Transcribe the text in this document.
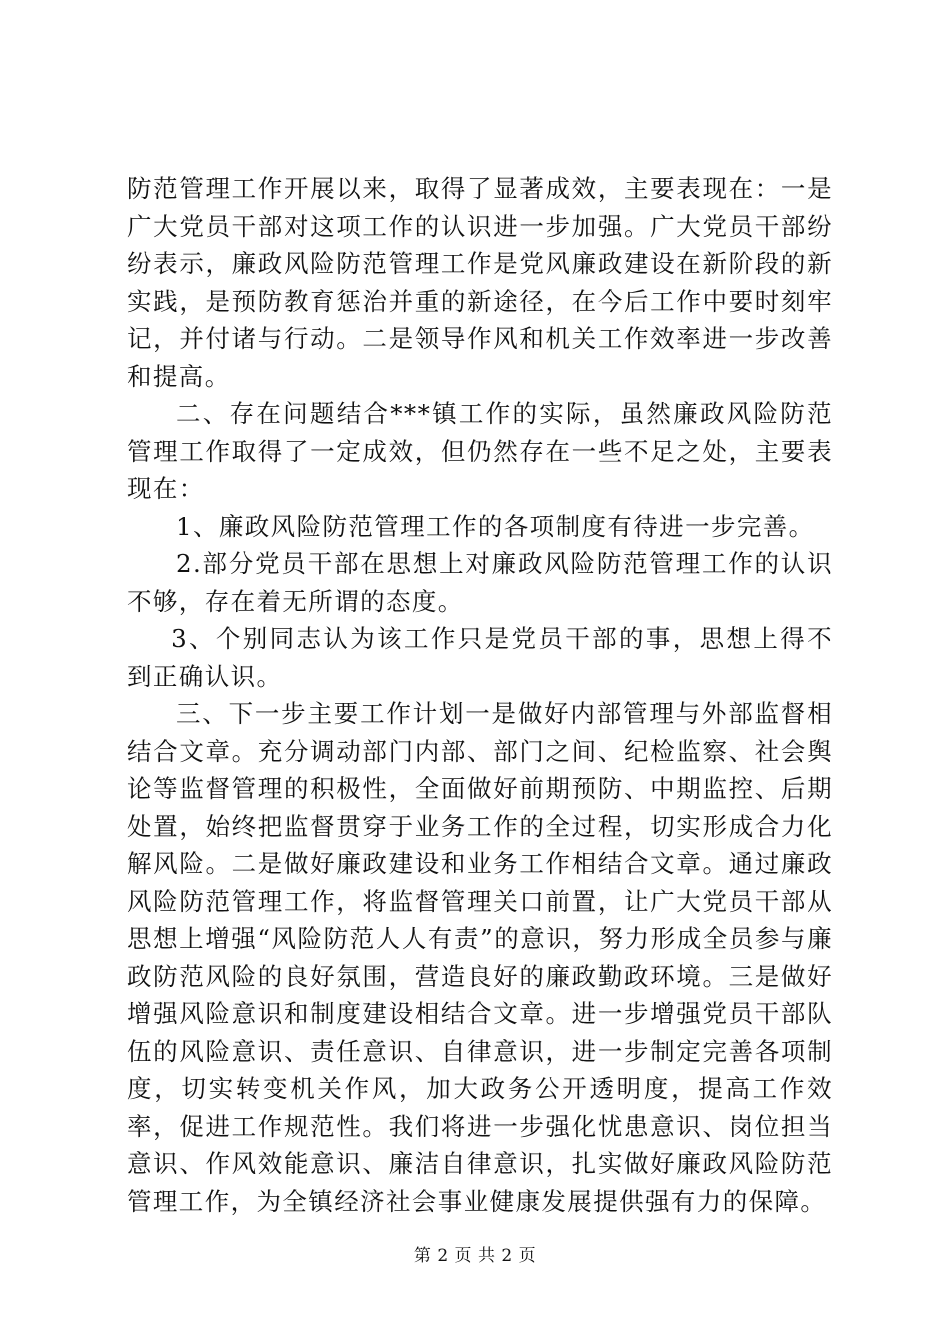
防范管理工作开展以来，取得了显著成效，主要表现在：一是广大党员干部对这项工作的认识进一步加强。广大党员干部纷纷表示，廉政风险防范管理工作是党风廉政建设在新阶段的新实践，是预防教育惩治并重的新途径，在今后工作中要时刻牢记，并付诸与行动。二是领导作风和机关工作效率进一步改善和提高。

二、存在问题结合***镇工作的实际，虽然廉政风险防范管理工作取得了一定成效，但仍然存在一些不足之处，主要表现在：

1、廉政风险防范管理工作的各项制度有待进一步完善。

2.部分党员干部在思想上对廉政风险防范管理工作的认识不够，存在着无所谓的态度。

3、个别同志认为该工作只是党员干部的事，思想上得不到正确认识。

三、下一步主要工作计划一是做好内部管理与外部监督相结合文章。充分调动部门内部、部门之间、纪检监察、社会舆论等监督管理的积极性，全面做好前期预防、中期监控、后期处置，始终把监督贯穿于业务工作的全过程，切实形成合力化解风险。二是做好廉政建设和业务工作相结合文章。通过廉政风险防范管理工作，将监督管理关口前置，让广大党员干部从思想上增强“风险防范人人有责”的意识，努力形成全员参与廉政防范风险的良好氛围，营造良好的廉政勤政环境。三是做好增强风险意识和制度建设相结合文章。进一步增强党员干部队伍的风险意识、责任意识、自律意识，进一步制定完善各项制度，切实转变机关作风，加大政务公开透明度，提高工作效率，促进工作规范性。我们将进一步强化忧患意识、岗位担当意识、作风效能意识、廉洁自律意识，扎实做好廉政风险防范管理工作，为全镇经济社会事业健康发展提供强有力的保障。

第 2 页 共 2 页
